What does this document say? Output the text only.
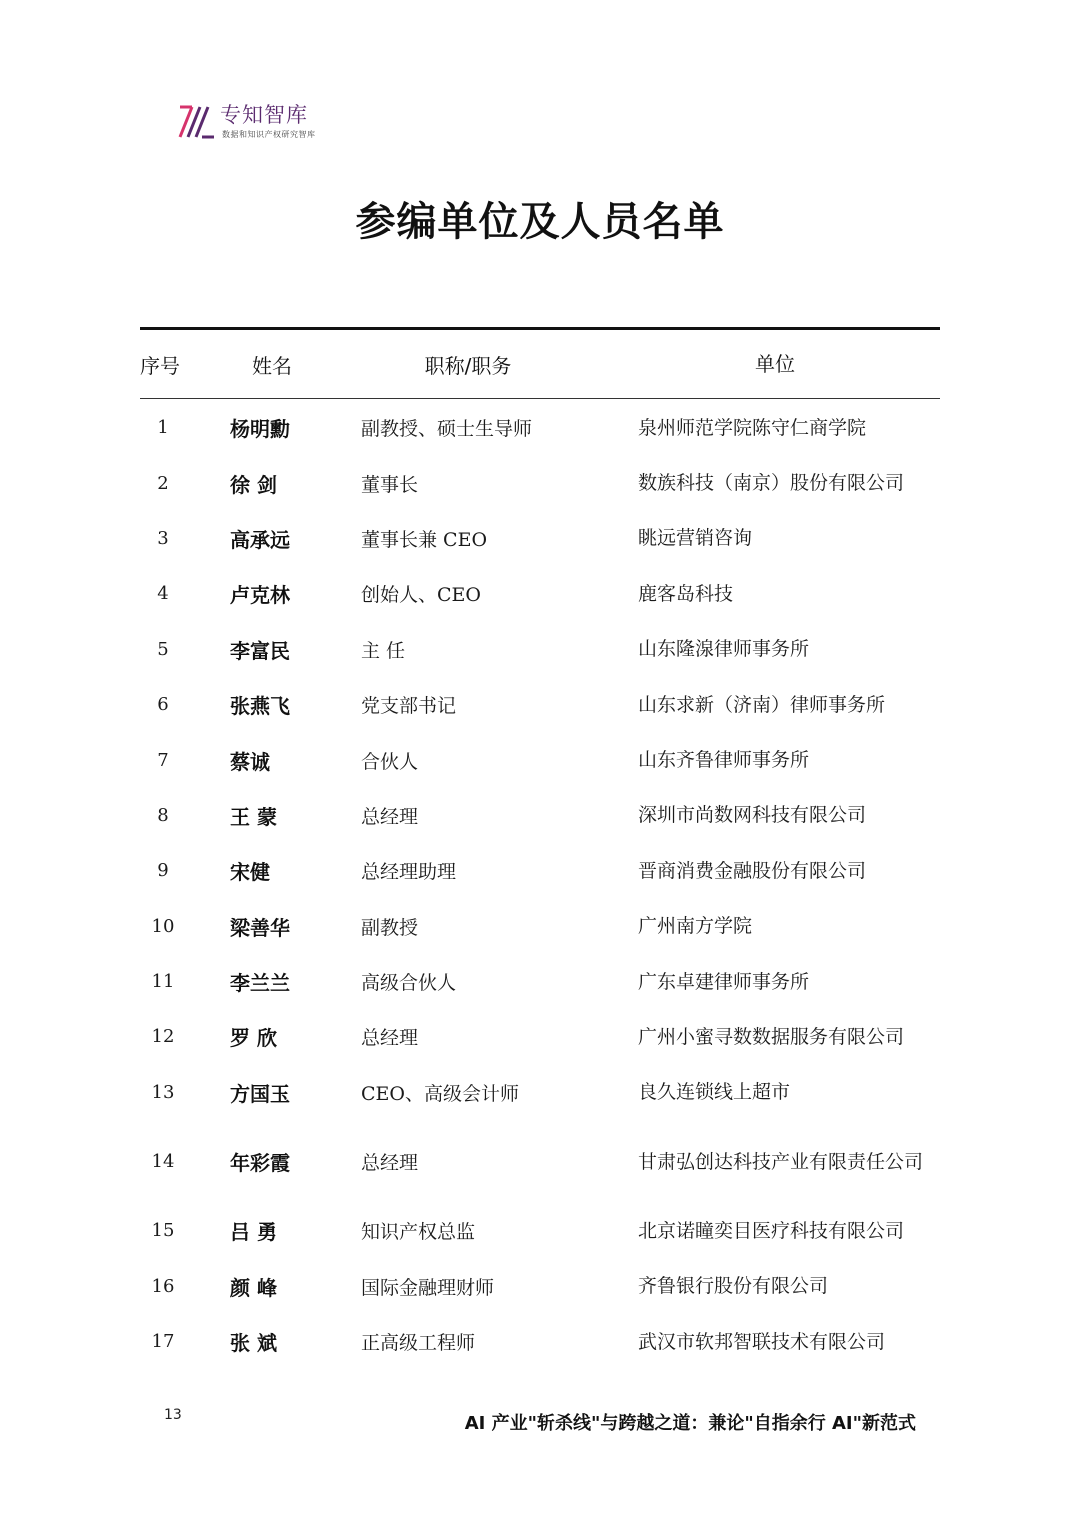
专知智库
数据和知识产权研究智库
参编单位及人员名单
序号	姓名	职称/职务	单位
1	杨明勳	副教授、硕士生导师	泉州师范学院陈守仁商学院
2	徐 剑	董事长	数族科技（南京）股份有限公司
3	高承远	董事长兼 CEO	眺远营销咨询
4	卢克林	创始人、CEO	鹿客岛科技
5	李富民	主 任	山东隆湶律师事务所
6	张燕飞	党支部书记	山东求新（济南）律师事务所
7	蔡诚	合伙人	山东齐鲁律师事务所
8	王 蒙	总经理	深圳市尚数网科技有限公司
9	宋健	总经理助理	晋商消费金融股份有限公司
10	梁善华	副教授	广州南方学院
11	李兰兰	高级合伙人	广东卓建律师事务所
12	罗 欣	总经理	广州小蜜寻数数据服务有限公司
13	方国玉	CEO、高级会计师	良久连锁线上超市
14	年彩霞	总经理	甘肃弘创达科技产业有限责任公司
15	吕 勇	知识产权总监	北京诺瞳奕目医疗科技有限公司
16	颜 峰	国际金融理财师	齐鲁银行股份有限公司
17	张 斌	正高级工程师	武汉市软邦智联技术有限公司
13	AI 产业"斩杀线"与跨越之道：兼论"自指余行 AI"新范式
